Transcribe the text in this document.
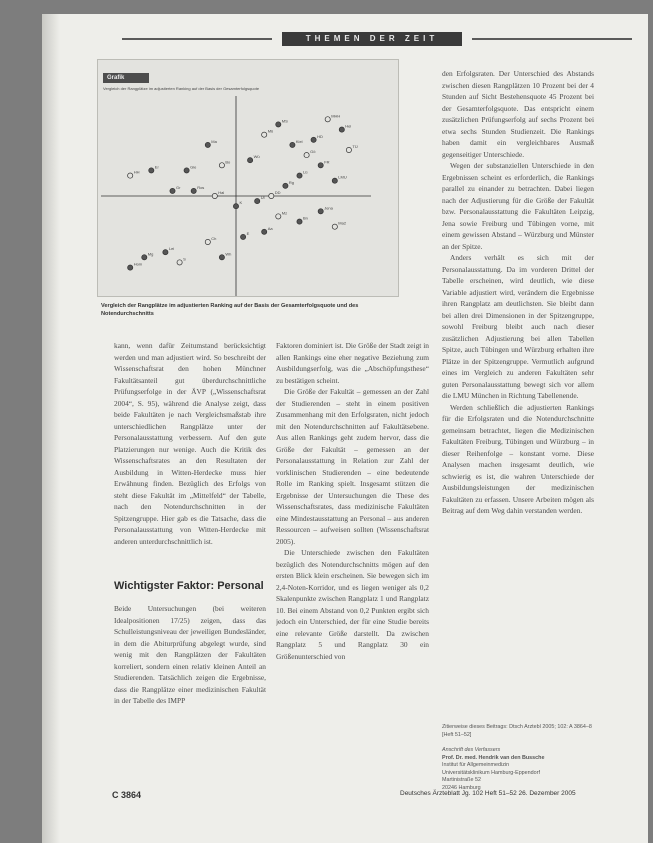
THEMEN DER ZEIT
Grafik
Vergleich der Rangplätze im adjustierten Ranking auf der Basis der Gesamterfolgsquote
MHH
Hei
HD
TÜ
FR
LMU
Mü
MS
Kiel
Gö
Wü
Ma
Bo
Gie
Er
HH	Lü
Rg
DD
Ul
K
Hal
Ros
Gr
Mz
Bn
Jena
Ma2
Aa
E
Ch
Lei
Mg
S
Hom
Wh
Vergleich der Rangplätze im adjustierten Ranking auf der Basis der Gesamterfolgsquote und des Notendurchschnitts

kann, wenn dafür Zeitumstand berücksichtigt werden und man adjustiert wird. So beschreibt der Wissenschaftsrat den hohen Münchner Fakultätsanteil gut überdurchschnittliche Prüfungserfolge in der ÄVP („Wissenschaftsrat 2004“, S. 95), während die Analyse zeigt, dass beide Fakultäten je nach Vergleichsmaßstab ihre unterschiedlichen Rangplätze unter der Personalausstattung verbessern. Auf den gute Platzierungen nur wenige. Auch die Kritik des Wissenschaftsrates an den Resultaten der Ausbildung in Witten-Herdecke muss hier Erwähnung finden. Bezüglich des Erfolgs von steht diese Fakultät im „Mittelfeld“ der Tabelle, nach den Notendurchschnitten in der Spitzengruppe. Hier gab es die Tatsache, dass die Personalausstattung von Witten-Herdecke mit anderen unterdurchschnittlich ist.

Wichtigster Faktor: Personal

Beide Untersuchungen (bei weiteren Idealpositionen 17/25) zeigen, dass das Schulleistungsniveau der jeweiligen Bundesländer, in dem die Abiturprüfung abgelegt wurde, sind wenig mit den Rangplätzen der Fakultäten korreliert, sondern einen relativ kleinen Anteil an Studierenden. Tatsächlich zeigen die Ergebnisse, dass die Rangplätze einer medizinischen Fakultät in der Tabelle des IMPP

Faktoren dominiert ist. Die Größe der Stadt zeigt in allen Rankings eine eher negative Beziehung zum Ausbildungserfolg, was die „Abschöpfungsthese“ zu bestätigen scheint.

Die Größe der Fakultät – gemessen an der Zahl der Studierenden – steht in einem positiven Zusammenhang mit den Erfolgsraten, nicht jedoch mit den Notendurchschnitten auf Fakultätsebene. Aus allen Rankings geht zudem hervor, dass die Größe der Fakultät – gemessen an der Personalausstattung in Relation zur Zahl der vorklinischen Studierenden – eine bedeutende Rolle im Ranking spielt. Insgesamt stützen die Ergebnisse der Untersuchungen die These des Wissenschaftsrates, dass medizinische Fakultäten eine Mindestausstattung an Personal – aus anderen Ressourcen – aufweisen sollten (Wissenschaftsrat 2005).

Die Unterschiede zwischen den Fakultäten bezüglich des Notendurchschnitts mögen auf den ersten Blick klein erscheinen. Sie bewegen sich im 2,4-Noten-Korridor, und es liegen weniger als 0,2 Skalenpunkte zwischen Rangplatz 1 und Rangplatz 10. Bei einem Abstand von 0,2 Punkten ergibt sich jedoch ein Unterschied, der für eine Studie bereits eine relevante Größe darstellt. Da zwischen Rangplatz 5 und Rangplatz 30 ein Größenunterschied von

den Erfolgsraten. Der Unterschied des Abstands zwischen diesen Rangplätzen 10 Prozent bei der 4 Stunden auf Sicht Bestehensquote 45 Prozent bei der Gesamterfolgsquote. Das entspricht einem zusätzlichen Prüfungserfolg auf sechs Prozent bei etwa sechs Stunden Studienzeit. Die Rankings haben damit ein vergleichbares Ausmaß gegenseitiger Unterschiede.

Wegen der substanziellen Unterschiede in den Ergebnissen scheint es erforderlich, die Rankings parallel zu einander zu betrachten. Dabei liegen nach der Adjustierung für die Größe der Fakultät bzw. Personalausstattung die Fakultäten Leipzig, Jena sowie Freiburg und Tübingen vorne, mit einem gewissen Abstand – Würzburg und Münster an der Spitze.

Anders verhält es sich mit der Personalausstattung. Da im vorderen Drittel der Tabelle erscheinen, wird deutlich, wie diese Variable adjustiert wird, verändern die Ergebnisse ihren Rangplatz am deutlichsten. Sie bleibt dann bei allen drei Dimensionen in der Spitzengruppe, sowohl Freiburg bleibt auch nach dieser zusätzlichen Adjustierung bei allen Tabellen Spitze, auch Tübingen und Würzburg erhalten ihre Plätze in der Spitzengruppe. Vermutlich aufgrund eines im Vergleich zu anderen Fakultäten sehr guten Personalausstattung bewegt sich vor allem die LMU München in Richtung Tabellenende.

Werden schließlich die adjustierten Rankings für die Erfolgsraten und die Notendurchschnitte gemeinsam betrachtet, liegen die Medizinischen Fakultäten Freiburg, Tübingen und Würzburg – in dieser Reihenfolge – konstant vorne. Diese Analysen machen insgesamt deutlich, wie schwierig es ist, die wahren Unterschiede der Ausbildungsleistungen der medizinischen Fakultäten zu erfassen. Unsere Arbeiten mögen als Beitrag auf dem Weg dahin verstanden werden.

Zitierweise dieses Beitrags: Dtsch Arztebl 2005; 102: A 3864–8 [Heft 51–52]
Anschrift des Verfassers
Prof. Dr. med. Hendrik van den Bussche
Institut für Allgemeinmedizin
Universitätsklinikum Hamburg-Eppendorf
Martinistraße 52
20246 Hamburg
C 3864	Deutsches Ärzteblatt Jg. 102 Heft 51–52 26. Dezember 2005
